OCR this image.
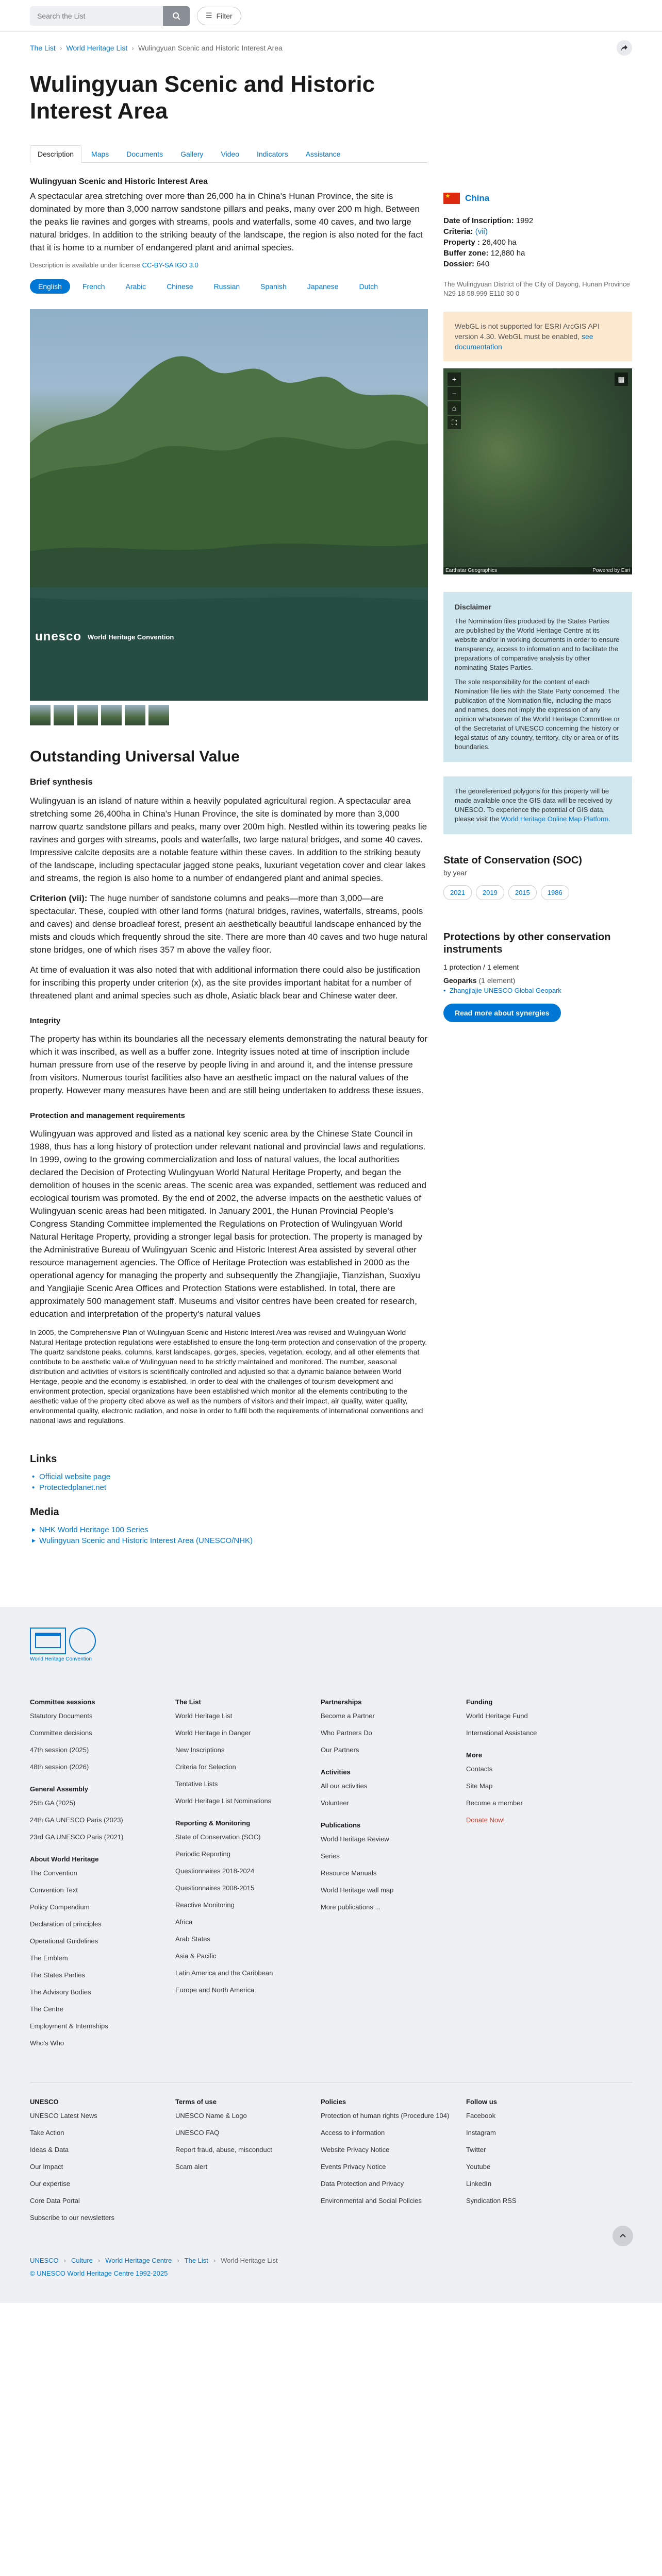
Search the List
☰ Filter
The List › World Heritage List › Wulingyuan Scenic and Historic Interest Area
Wulingyuan Scenic and Historic Interest Area
Description	Maps	Documents	Gallery	Video	Indicators	Assistance
Wulingyuan Scenic and Historic Interest Area

A spectacular area stretching over more than 26,000 ha in China's Hunan Province, the site is dominated by more than 3,000 narrow sandstone pillars and peaks, many over 200 m high. Between the peaks lie ravines and gorges with streams, pools and waterfalls, some 40 caves, and two large natural bridges. In addition to the striking beauty of the landscape, the region is also noted for the fact that it is home to a number of endangered plant and animal species.

Description is available under license CC-BY-SA IGO 3.0
English	French	Arabic	Chinese	Russian	Spanish	Japanese	Dutch
unesco World Heritage Convention
Outstanding Universal Value
Brief synthesis

Wulingyuan is an island of nature within a heavily populated agricultural region. A spectacular area stretching some 26,400ha in China's Hunan Province, the site is dominated by more than 3,000 narrow quartz sandstone pillars and peaks, many over 200m high. Nestled within its towering peaks lie ravines and gorges with streams, pools and waterfalls, two large natural bridges, and some 40 caves. Impressive calcite deposits are a notable feature within these caves. In addition to the striking beauty of the landscape, including spectacular jagged stone peaks, luxuriant vegetation cover and clear lakes and streams, the region is also home to a number of endangered plant and animal species.

Criterion (vii): The huge number of sandstone columns and peaks—more than 3,000—are spectacular. These, coupled with other land forms (natural bridges, ravines, waterfalls, streams, pools and caves) and dense broadleaf forest, present an aesthetically beautiful landscape enhanced by the mists and clouds which frequently shroud the site. There are more than 40 caves and two huge natural stone bridges, one of which rises 357 m above the valley floor.

At time of evaluation it was also noted that with additional information there could also be justification for inscribing this property under criterion (x), as the site provides important habitat for a number of threatened plant and animal species such as dhole, Asiatic black bear and Chinese water deer.

Integrity

The property has within its boundaries all the necessary elements demonstrating the natural beauty for which it was inscribed, as well as a buffer zone. Integrity issues noted at time of inscription include human pressure from use of the reserve by people living in and around it, and the intense pressure from visitors. Numerous tourist facilities also have an aesthetic impact on the natural values of the property. However many measures have been and are still being undertaken to address these issues.

Protection and management requirements

Wulingyuan was approved and listed as a national key scenic area by the Chinese State Council in 1988, thus has a long history of protection under relevant national and provincial laws and regulations. In 1999, owing to the growing commercialization and loss of natural values, the local authorities declared the Decision of Protecting Wulingyuan World Natural Heritage Property, and began the demolition of houses in the scenic areas. The scenic area was expanded, settlement was reduced and ecological tourism was promoted. By the end of 2002, the adverse impacts on the aesthetic values of Wulingyuan scenic areas had been mitigated. In January 2001, the Hunan Provincial People's Congress Standing Committee implemented the Regulations on Protection of Wulingyuan World Natural Heritage Property, providing a stronger legal basis for protection. The property is managed by the Administrative Bureau of Wulingyuan Scenic and Historic Interest Area assisted by several other resource management agencies. The Office of Heritage Protection was established in 2000 as the operational agency for managing the property and subsequently the Zhangjiajie, Tianzishan, Suoxiyu and Yangjiajie Scenic Area Offices and Protection Stations were established. In total, there are approximately 500 management staff. Museums and visitor centres have been created for research, education and interpretation of the property's natural values

In 2005, the Comprehensive Plan of Wulingyuan Scenic and Historic Interest Area was revised and Wulingyuan World Natural Heritage protection regulations were established to ensure the long-term protection and conservation of the property. The quartz sandstone peaks, columns, karst landscapes, gorges, species, vegetation, ecology, and all other elements that contribute to be aesthetic value of Wulingyuan need to be strictly maintained and monitored. The number, seasonal distribution and activities of visitors is scientifically controlled and adjusted so that a dynamic balance between World Heritage, people and the economy is established. In order to deal with the challenges of tourism development and environment protection, special organizations have been established which monitor all the elements contributing to the aesthetic value of the property cited above as well as the numbers of visitors and their impact, air quality, water quality, environmental quality, electronic radiation, and noise in order to fulfil both the requirements of international conventions and national laws and regulations.

Links
• Official website page
• Protectedplanet.net
Media
▶ NHK World Heritage 100 Series
▶ Wulingyuan Scenic and Historic Interest Area (UNESCO/NHK)
★
China
Date of Inscription: 1992
Criteria: (vii)
Property : 26,400 ha
Buffer zone: 12,880 ha
Dossier: 640
The Wulingyuan District of the City of Dayong, Hunan Province
N29 18 58.999 E110 30 0
WebGL is not supported for ESRI ArcGIS API version 4.30. WebGL must be enabled, see documentation
+
−
⌂
⛶
▤
Earthstar Geographics	Powered by Esri
Disclaimer

The Nomination files produced by the States Parties are published by the World Heritage Centre at its website and/or in working documents in order to ensure transparency, access to information and to facilitate the preparations of comparative analysis by other nominating States Parties.

The sole responsibility for the content of each Nomination file lies with the State Party concerned. The publication of the Nomination file, including the maps and names, does not imply the expression of any opinion whatsoever of the World Heritage Committee or of the Secretariat of UNESCO concerning the history or legal status of any country, territory, city or area or of its boundaries.

The georeferenced polygons for this property will be made available once the GIS data will be received by UNESCO. To experience the potential of GIS data, please visit the World Heritage Online Map Platform.
State of Conservation (SOC)
by year
2021	2019	2015	1986
Protections by other conservation instruments
1 protection / 1 element
Geoparks (1 element)
• Zhangjiajie UNESCO Global Geopark
Read more about synergies
World Heritage Convention
Committee sessions
Statutory Documents
Committee decisions
47th session (2025)
48th session (2026)
General Assembly
25th GA (2025)
24th GA UNESCO Paris (2023)
23rd GA UNESCO Paris (2021)
About World Heritage
The Convention
Convention Text
Policy Compendium
Declaration of principles
Operational Guidelines
The Emblem
The States Parties
The Advisory Bodies
The Centre
Employment & Internships
Who's Who
The List
World Heritage List
World Heritage in Danger
New Inscriptions
Criteria for Selection
Tentative Lists
World Heritage List Nominations
Reporting & Monitoring
State of Conservation (SOC)
Periodic Reporting
Questionnaires 2018-2024
Questionnaires 2008-2015
Reactive Monitoring
Africa
Arab States
Asia & Pacific
Latin America and the Caribbean
Europe and North America
Partnerships
Become a Partner
Who Partners Do
Our Partners
Activities
All our activities
Volunteer
Publications
World Heritage Review
Series
Resource Manuals
World Heritage wall map
More publications ...
Funding
World Heritage Fund
International Assistance
More
Contacts
Site Map
Become a member
Donate Now!
UNESCO
UNESCO Latest News
Take Action
Ideas & Data
Our Impact
Our expertise
Core Data Portal
Subscribe to our newsletters
Terms of use
UNESCO Name & Logo
UNESCO FAQ
Report fraud, abuse, misconduct
Scam alert
Policies
Protection of human rights (Procedure 104)
Access to information
Website Privacy Notice
Events Privacy Notice
Data Protection and Privacy
Environmental and Social Policies
Follow us
Facebook
Instagram
Twitter
Youtube
LinkedIn
Syndication RSS
UNESCO › Culture › World Heritage Centre › The List › World Heritage List
© UNESCO World Heritage Centre 1992-2025
